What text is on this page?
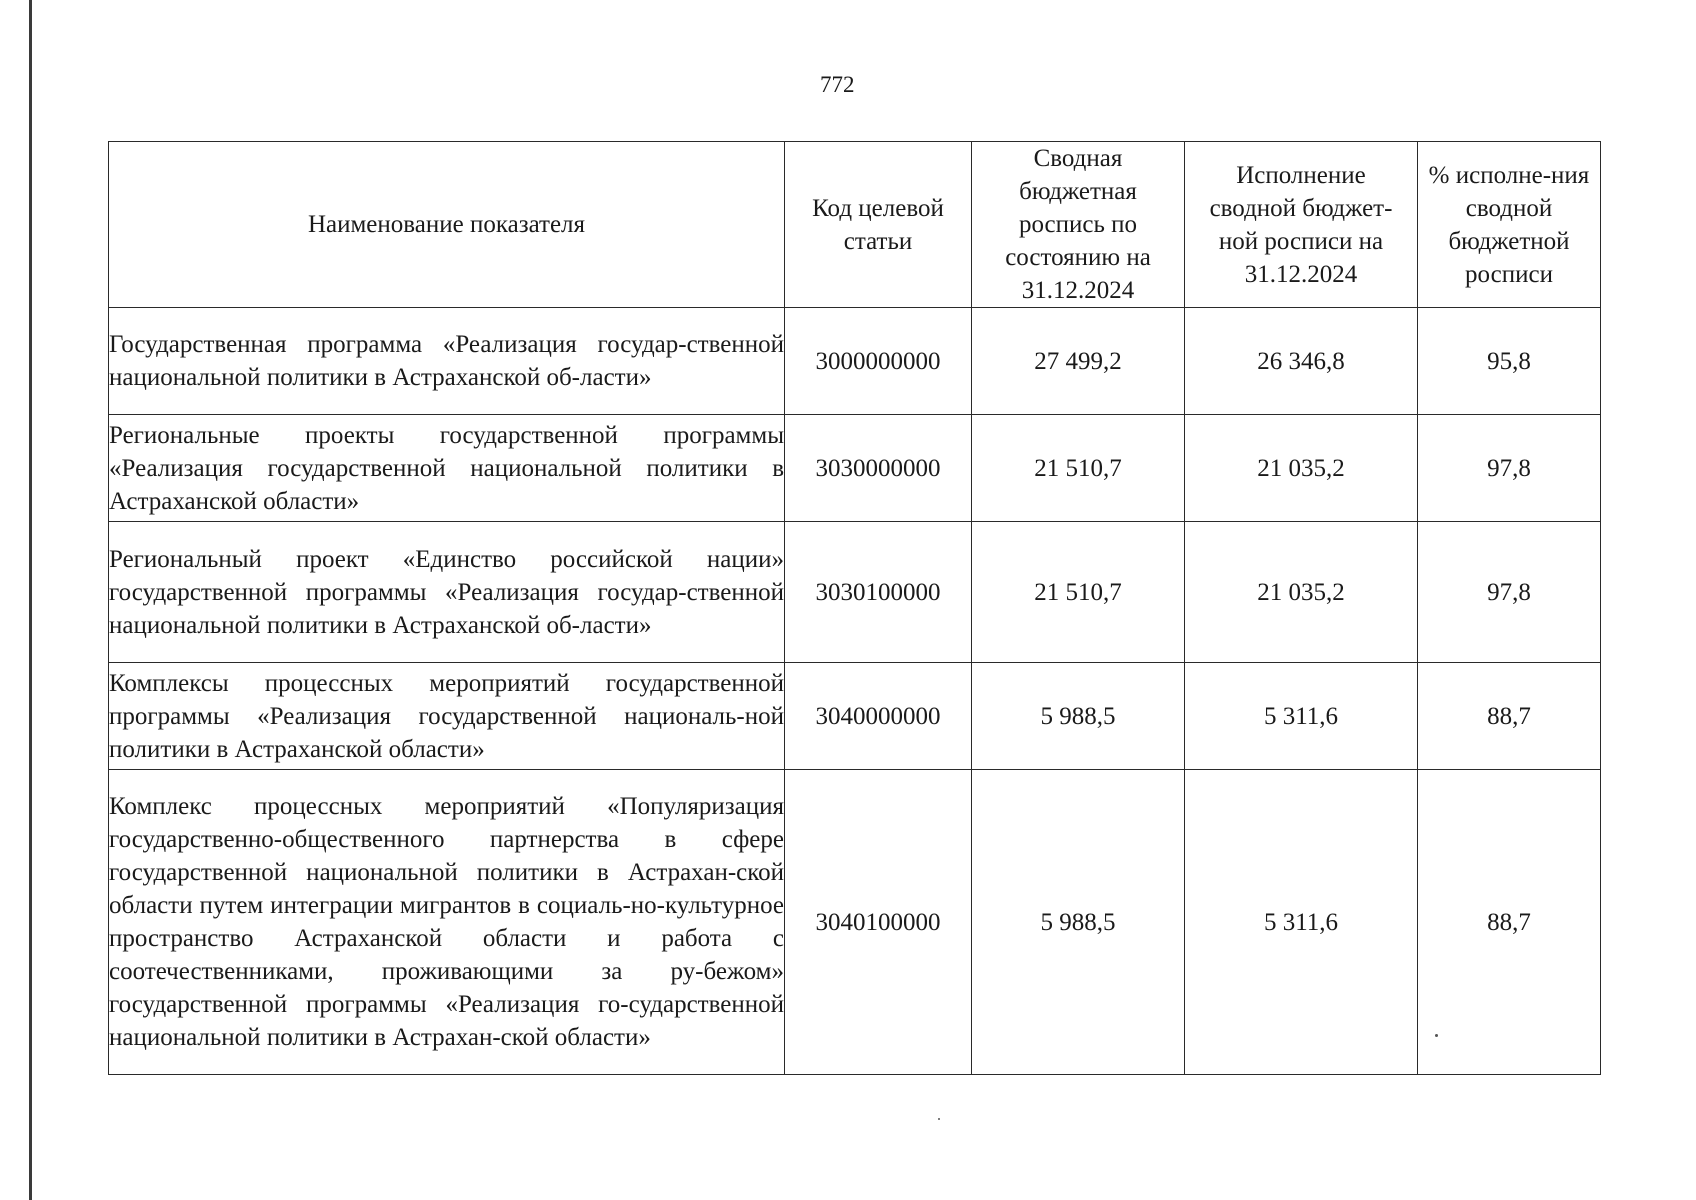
772
Наименование показателя	Код целевой статьи	Сводная бюджетная роспись по состоянию на 31.12.2024	Исполнение сводной бюджет-ной росписи на 31.12.2024	% исполне-ния сводной бюджетной росписи
Государственная программа «Реализация государ-ственной национальной политики в Астраханской об-ласти»	3000000000	27 499,2	26 346,8	95,8
Региональные проекты государственной программы «Реализация государственной национальной политики в Астраханской области»	3030000000	21 510,7	21 035,2	97,8
Региональный проект «Единство российской нации» государственной программы «Реализация государ-ственной национальной политики в Астраханской об-ласти»	3030100000	21 510,7	21 035,2	97,8
Комплексы процессных мероприятий государственной программы «Реализация государственной националь-ной политики в Астраханской области»	3040000000	5 988,5	5 311,6	88,7
Комплекс процессных мероприятий «Популяризация государственно-общественного партнерства в сфере государственной национальной политики в Астрахан-ской области путем интеграции мигрантов в социаль-но-культурное пространство Астраханской области и работа с соотечественниками, проживающими за ру-бежом» государственной программы «Реализация го-сударственной национальной политики в Астрахан-ской области»	3040100000	5 988,5	5 311,6	88,7
